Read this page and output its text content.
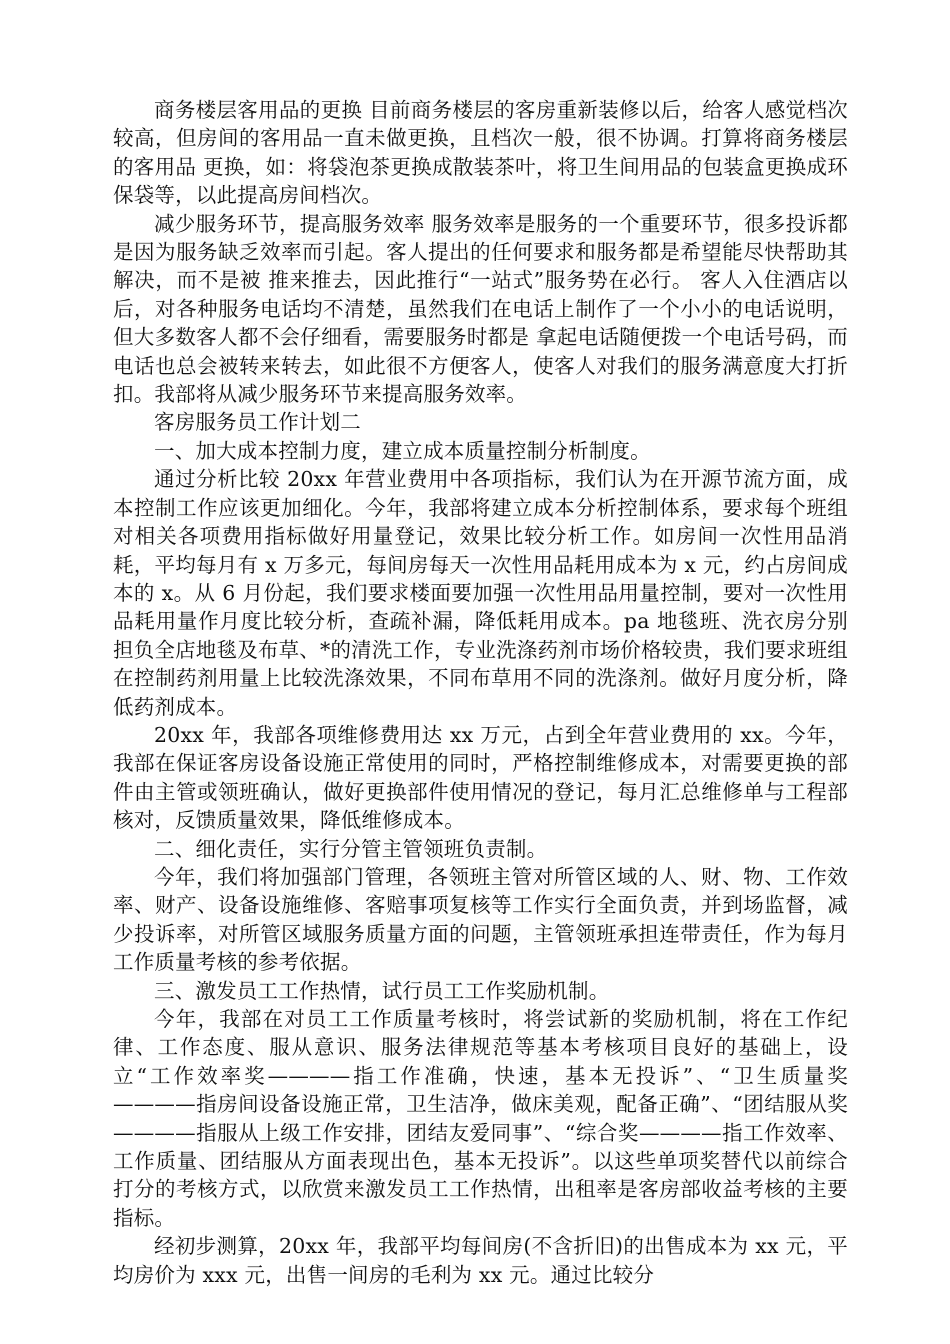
商务楼层客用品的更换 目前商务楼层的客房重新装修以后，给客人感觉档次较高，但房间的客用品一直未做更换，且档次一般，很不协调。打算将商务楼层的客用品 更换，如：将袋泡茶更换成散装茶叶，将卫生间用品的包装盒更换成环保袋等，以此提高房间档次。

减少服务环节，提高服务效率 服务效率是服务的一个重要环节，很多投诉都是因为服务缺乏效率而引起。客人提出的任何要求和服务都是希望能尽快帮助其解决，而不是被 推来推去，因此推行“一站式”服务势在必行。 客人入住酒店以后，对各种服务电话均不清楚，虽然我们在电话上制作了一个小小的电话说明，但大多数客人都不会仔细看，需要服务时都是 拿起电话随便拨一个电话号码，而电话也总会被转来转去，如此很不方便客人，使客人对我们的服务满意度大打折扣。我部将从减少服务环节来提高服务效率。

客房服务员工作计划二

一、加大成本控制力度，建立成本质量控制分析制度。

通过分析比较 20xx 年营业费用中各项指标，我们认为在开源节流方面，成本控制工作应该更加细化。今年，我部将建立成本分析控制体系，要求每个班组对相关各项费用指标做好用量登记，效果比较分析工作。如房间一次性用品消耗，平均每月有 x 万多元，每间房每天一次性用品耗用成本为 x 元，约占房间成本的 x。从 6 月份起，我们要求楼面要加强一次性用品用量控制，要对一次性用品耗用量作月度比较分析，查疏补漏，降低耗用成本。pa 地毯班、洗衣房分别担负全店地毯及布草、*的清洗工作，专业洗涤药剂市场价格较贵，我们要求班组在控制药剂用量上比较洗涤效果，不同布草用不同的洗涤剂。做好月度分析，降低药剂成本。

20xx 年，我部各项维修费用达 xx 万元，占到全年营业费用的 xx。今年，我部在保证客房设备设施正常使用的同时，严格控制维修成本，对需要更换的部件由主管或领班确认，做好更换部件使用情况的登记，每月汇总维修单与工程部核对，反馈质量效果，降低维修成本。

二、细化责任，实行分管主管领班负责制。

今年，我们将加强部门管理，各领班主管对所管区域的人、财、物、工作效率、财产、设备设施维修、客赔事项复核等工作实行全面负责，并到场监督，减少投诉率，对所管区域服务质量方面的问题，主管领班承担连带责任，作为每月工作质量考核的参考依据。

三、激发员工工作热情，试行员工工作奖励机制。

今年，我部在对员工工作质量考核时，将尝试新的奖励机制，将在工作纪律、工作态度、服从意识、服务法律规范等基本考核项目良好的基础上，设立“工作效率奖————指工作准确，快速，基本无投诉”、“卫生质量奖————指房间设备设施正常，卫生洁净，做床美观，配备正确”、“团结服从奖————指服从上级工作安排，团结友爱同事”、“综合奖————指工作效率、工作质量、团结服从方面表现出色，基本无投诉”。以这些单项奖替代以前综合打分的考核方式，以欣赏来激发员工工作热情，出租率是客房部收益考核的主要指标。

经初步测算，20xx 年，我部平均每间房(不含折旧)的出售成本为 xx 元，平均房价为 xxx 元，出售一间房的毛利为 xx 元。通过比较分
